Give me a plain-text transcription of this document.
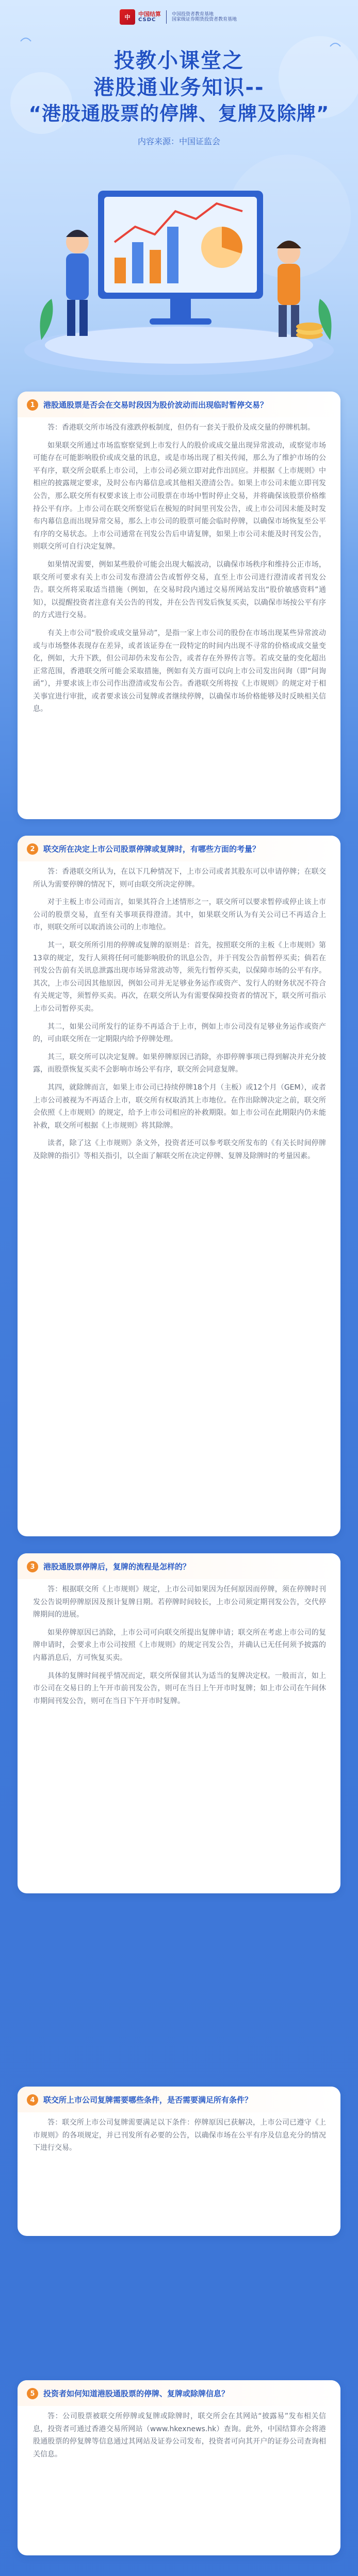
中	中国结算
CSDC
中国投资者教育基地
国家级证券期货投资者教育基地
投教小课堂之
港股通业务知识--
“港股通股票的停牌、复牌及除牌”
内容来源：中国证监会
1	港股通股票是否会在交易时段因为股价波动而出现临时暂停交易？

答：香港联交所市场没有涨跌停板制度，但仍有一套关于股价及成交量的停牌机制。

如果联交所通过市场监察察觉到上市发行人的股价或成交量出现异常波动，或察觉市场可能存在可能影响股价或成交量的讯息，或是市场出现了相关传闻，那么为了维护市场的公平有序，联交所会联系上市公司，上市公司必须立即对此作出回应。并根据《上市规则》中相应的披露规定要求，及时公布内幕信息或其他相关澄清公告。如果上市公司未能立即刊发公告，那么联交所有权要求该上市公司股票在市场中暂时停止交易，并将确保该股票价格维持公平有序。上市公司在联交所察觉后在极短的时间里刊发公告，或上市公司因未能及时发布内幕信息而出现异常交易，那么上市公司的股票可能会临时停牌，以确保市场恢复至公平有序的交易状态。上市公司通常在刊发公告后申请复牌，如果上市公司未能及时刊发公告，则联交所可自行决定复牌。

如果情况需要，例如某些股价可能会出现大幅波动，以确保市场秩序和维持公正市场，联交所可要求有关上市公司发布澄清公告或暂停交易，直至上市公司进行澄清或者刊发公告。联交所将采取适当措施（例如，在交易时段内通过交易所网站发出“股价敏感资料”通知），以提醒投资者注意有关公告的刊发，并在公告刊发后恢复买卖，以确保市场按公平有序的方式进行交易。

有关上市公司“股价或成交量异动”，是指一家上市公司的股份在市场出现某些异常波动或与市场整体表现存在差异，或者该证券在一段特定的时间内出现不寻常的价格或成交量变化，例如，大升下跌，但公司却仍未发布公告，或者存在外界传言等。若成交量的变化超出正常范围，香港联交所可能会采取措施，例如有关方面可以向上市公司发出问询（即“问询函”），并要求该上市公司作出澄清或发布公告。香港联交所将按《上市规则》的规定对于相关事宜进行审批，或者要求该公司复牌或者继续停牌，以确保市场价格能够及时反映相关信息。

2	联交所在决定上市公司股票停牌或复牌时，有哪些方面的考量？

答：香港联交所认为，在以下几种情况下，上市公司或者其股东可以申请停牌；在联交所认为需要停牌的情况下，则可由联交所决定停牌。

对于主板上市公司而言，如果其符合上述情形之一，联交所可以要求暂停或停止该上市公司的股票交易，直至有关事项获得澄清。其中，如果联交所认为有关公司已不再适合上市，则联交所可以取消该公司的上市地位。

其一，联交所所引用的停牌或复牌的原则是：首先，按照联交所的主板《上市规则》第13章的规定，发行人须将任何可能影响股价的讯息公告，并于刊发公告前暂停买卖；倘若在刊发公告前有关讯息泄露出现市场异常波动等，须先行暂停买卖，以保障市场的公平有序。其次，上市公司因其他原因，例如公司并无足够业务运作或资产、发行人的财务状况不符合有关规定等，须暂停买卖。再次，在联交所认为有需要保障投资者的情况下，联交所可指示上市公司暂停买卖。

其二，如果公司所发行的证券不再适合于上市，例如上市公司没有足够业务运作或资产的，可由联交所在一定期限内给予停牌处理。

其三，联交所可以决定复牌。如果停牌原因已消除，亦即停牌事项已得到解决并充分披露，而股票恢复买卖不会影响市场公平有序，联交所会同意复牌。

其四，就除牌而言，如果上市公司已持续停牌18个月（主板）或12个月（GEM），或者上市公司被视为不再适合上市，联交所有权取消其上市地位。在作出除牌决定之前，联交所会依照《上市规则》的规定，给予上市公司相应的补救期限。如上市公司在此期限内仍未能补救，联交所可根据《上市规则》将其除牌。

读者，除了这《上市规则》条文外，投资者还可以参考联交所发布的《有关长时间停牌及除牌的指引》等相关指引，以全面了解联交所在决定停牌、复牌及除牌时的考量因素。

3	港股通股票停牌后，复牌的流程是怎样的？

答：根据联交所《上市规则》规定，上市公司如果因为任何原因而停牌，须在停牌时刊发公告说明停牌原因及预计复牌日期。若停牌时间较长，上市公司须定期刊发公告，交代停牌期间的进展。

如果停牌原因已消除，上市公司可向联交所提出复牌申请；联交所在考虑上市公司的复牌申请时，会要求上市公司按照《上市规则》的规定刊发公告，并确认已无任何须予披露的内幕消息后，方可恢复买卖。

具体的复牌时间视乎情况而定，联交所保留其认为适当的复牌决定权。一般而言，如上市公司在交易日的上午开市前刊发公告，则可在当日上午开市时复牌；如上市公司在午间休市期间刊发公告，则可在当日下午开市时复牌。

4	联交所上市公司复牌需要哪些条件，是否需要满足所有条件？

答：联交所上市公司复牌需要满足以下条件：停牌原因已获解决，上市公司已遵守《上市规则》的各项规定，并已刊发所有必要的公告，以确保市场在公平有序及信息充分的情况下进行交易。

5	投资者如何知道港股通股票的停牌、复牌或除牌信息？

答：公司股票被联交所停牌或复牌或除牌时，联交所会在其网站“披露易”发布相关信息，投资者可通过香港交易所网站（www.hkexnews.hk）查询。此外，中国结算亦会将港股通股票的停复牌等信息通过其网站及证券公司发布，投资者可向其开户的证券公司查询相关信息。
